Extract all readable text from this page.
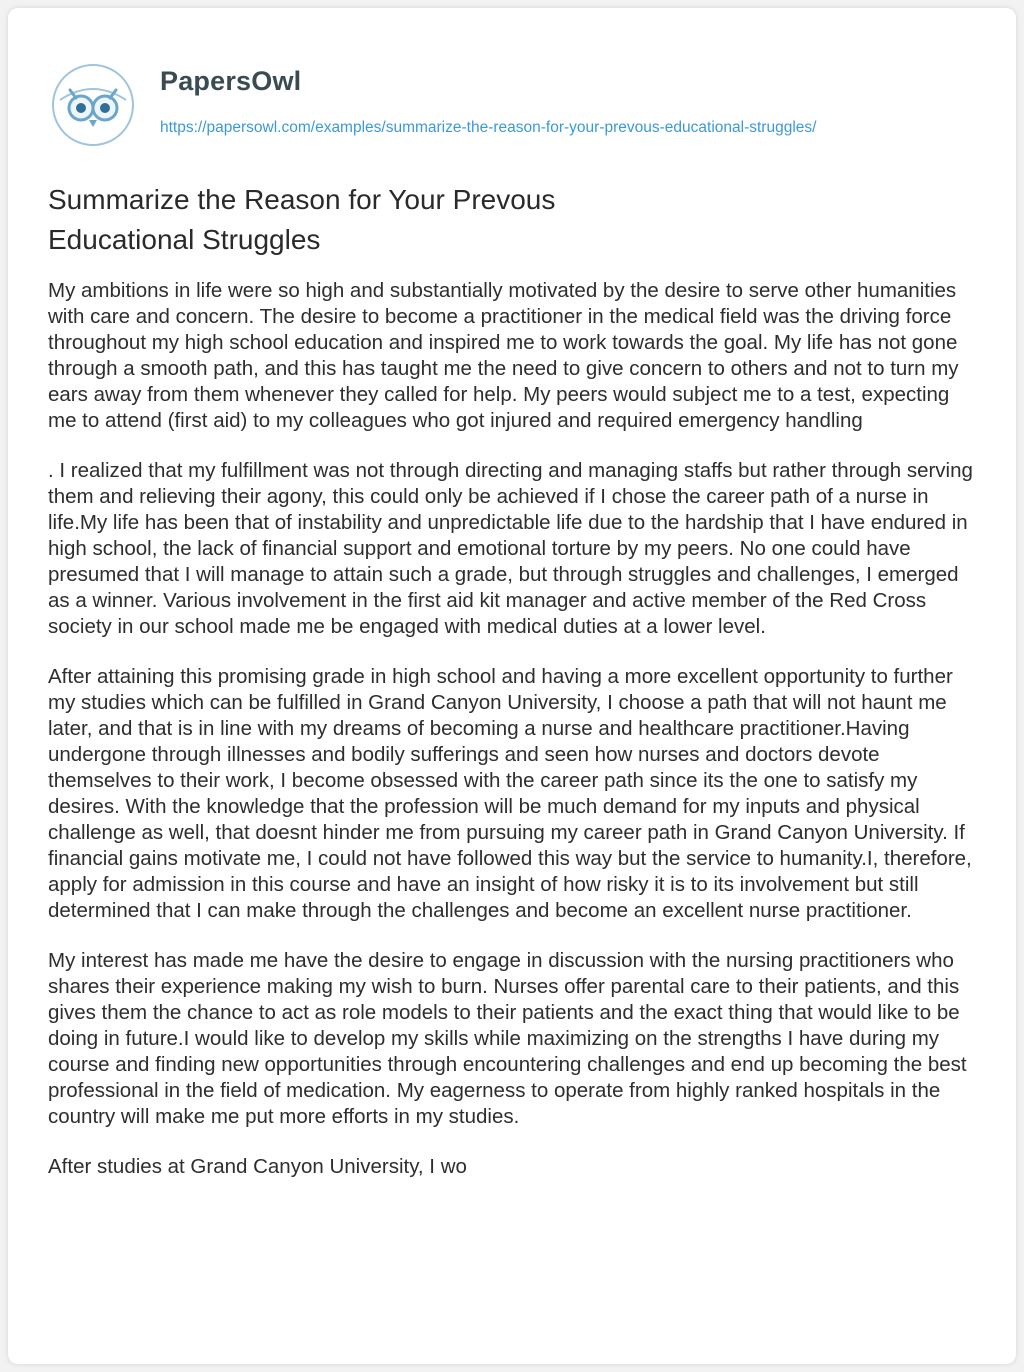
PapersOwl
https://papersowl.com/examples/summarize-the-reason-for-your-prevous-educational-struggles/
Summarize the Reason for Your Prevous Educational Struggles

My ambitions in life were so high and substantially motivated by the desire to serve other humanities with care and concern. The desire to become a practitioner in the medical field was the driving force throughout my high school education and inspired me to work towards the goal. My life has not gone through a smooth path, and this has taught me the need to give concern to others and not to turn my ears away from them whenever they called for help. My peers would subject me to a test, expecting me to attend (first aid) to my colleagues who got injured and required emergency handling

. I realized that my fulfillment was not through directing and managing staffs but rather through serving them and relieving their agony, this could only be achieved if I chose the career path of a nurse in life.My life has been that of instability and unpredictable life due to the hardship that I have endured in high school, the lack of financial support and emotional torture by my peers. No one could have presumed that I will manage to attain such a grade, but through struggles and challenges, I emerged as a winner. Various involvement in the first aid kit manager and active member of the Red Cross society in our school made me be engaged with medical duties at a lower level.

After attaining this promising grade in high school and having a more excellent opportunity to further my studies which can be fulfilled in Grand Canyon University, I choose a path that will not haunt me later, and that is in line with my dreams of becoming a nurse and healthcare practitioner.Having undergone through illnesses and bodily sufferings and seen how nurses and doctors devote themselves to their work, I become obsessed with the career path since its the one to satisfy my desires. With the knowledge that the profession will be much demand for my inputs and physical challenge as well, that doesnt hinder me from pursuing my career path in Grand Canyon University. If financial gains motivate me, I could not have followed this way but the service to humanity.I, therefore, apply for admission in this course and have an insight of how risky it is to its involvement but still determined that I can make through the challenges and become an excellent nurse practitioner.

My interest has made me have the desire to engage in discussion with the nursing practitioners who shares their experience making my wish to burn. Nurses offer parental care to their patients, and this gives them the chance to act as role models to their patients and the exact thing that would like to be doing in future.I would like to develop my skills while maximizing on the strengths I have during my course and finding new opportunities through encountering challenges and end up becoming the best professional in the field of medication. My eagerness to operate from highly ranked hospitals in the country will make me put more efforts in my studies.

After studies at Grand Canyon University, I wo
